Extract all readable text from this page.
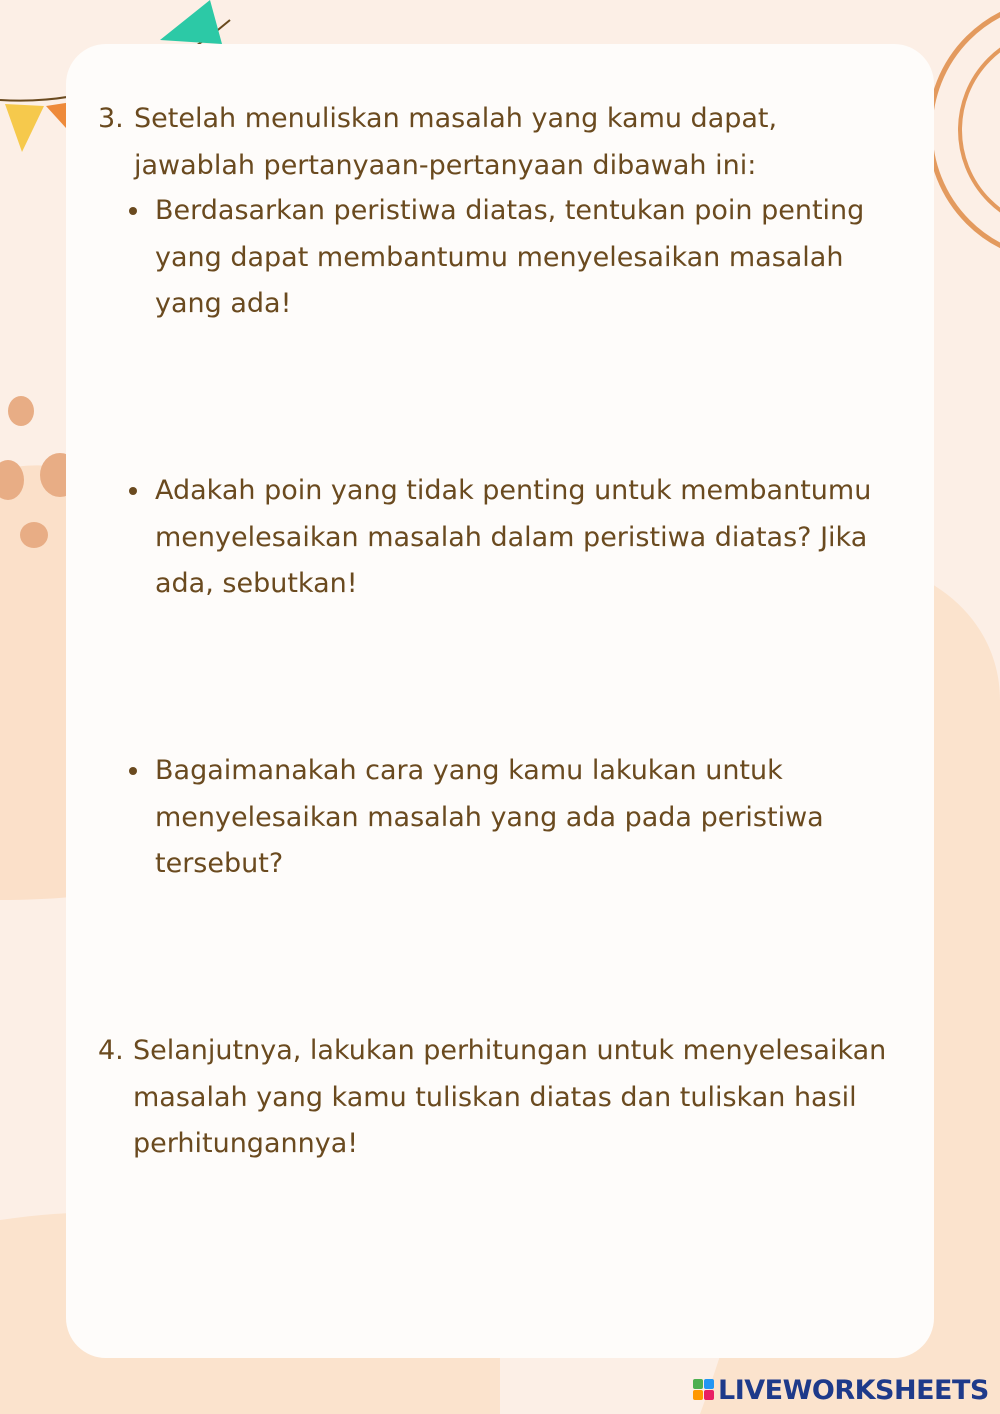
3. Setelah menuliskan masalah yang kamu dapat,
jawablah pertanyaan-pertanyaan dibawah ini:
Berdasarkan peristiwa diatas, tentukan poin penting
yang dapat membantumu menyelesaikan masalah
yang ada!
Adakah poin yang tidak penting untuk membantumu
menyelesaikan masalah dalam peristiwa diatas? Jika
ada, sebutkan!
Bagaimanakah cara yang kamu lakukan untuk
menyelesaikan masalah yang ada pada peristiwa
tersebut?
4. Selanjutnya, lakukan perhitungan untuk menyelesaikan
masalah yang kamu tuliskan diatas dan tuliskan hasil
perhitungannya!
LIVEWORKSHEETS
